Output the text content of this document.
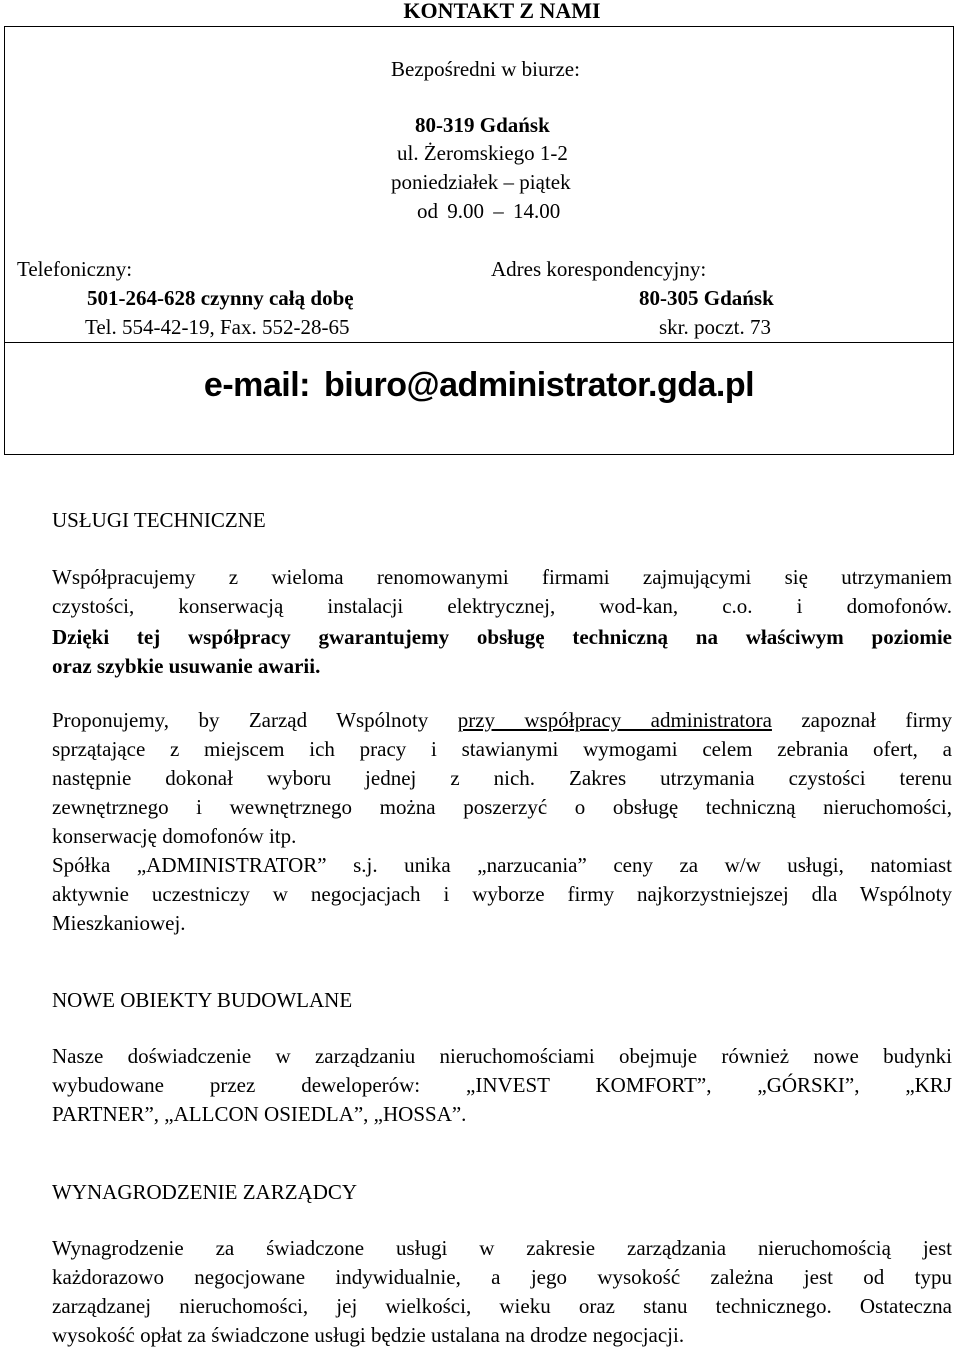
KONTAKT Z NAMI
Bezpośredni w biurze:
80-319 Gdańsk
ul. Żeromskiego 1-2
poniedziałek – piątek
od 9.00 – 14.00
Telefoniczny:
501-264-628 czynny całą dobę
Tel. 554-42-19, Fax. 552-28-65
Adres korespondencyjny:
80-305 Gdańsk
skr. poczt. 73
e-mail: biuro@administrator.gda.pl
USŁUGI TECHNICZNE
Współpracujemy z wieloma renomowanymi firmami zajmującymi się utrzymaniem
czystości, konserwacją instalacji elektrycznej, wod-kan, c.o. i domofonów.
Dzięki tej współpracy gwarantujemy obsługę techniczną na właściwym poziomie
oraz szybkie usuwanie awarii.
Proponujemy, by Zarząd Wspólnoty przy współpracy administratora zapoznał firmy
sprzątające z miejscem ich pracy i stawianymi wymogami celem zebrania ofert, a
następnie dokonał wyboru jednej z nich. Zakres utrzymania czystości terenu
zewnętrznego i wewnętrznego można poszerzyć o obsługę techniczną nieruchomości,
konserwację domofonów itp.
Spółka „ADMINISTRATOR” s.j. unika „narzucania” ceny za w/w usługi, natomiast
aktywnie uczestniczy w negocjacjach i wyborze firmy najkorzystniejszej dla Wspólnoty
Mieszkaniowej.
NOWE OBIEKTY BUDOWLANE
Nasze doświadczenie w zarządzaniu nieruchomościami obejmuje również nowe budynki
wybudowane przez deweloperów: „INVEST KOMFORT”, „GÓRSKI”, „KRJ
PARTNER”, „ALLCON OSIEDLA”, „HOSSA”.
WYNAGRODZENIE ZARZĄDCY
Wynagrodzenie za świadczone usługi w zakresie zarządzania nieruchomością jest
każdorazowo negocjowane indywidualnie, a jego wysokość zależna jest od typu
zarządzanej nieruchomości, jej wielkości, wieku oraz stanu technicznego. Ostateczna
wysokość opłat za świadczone usługi będzie ustalana na drodze negocjacji.
